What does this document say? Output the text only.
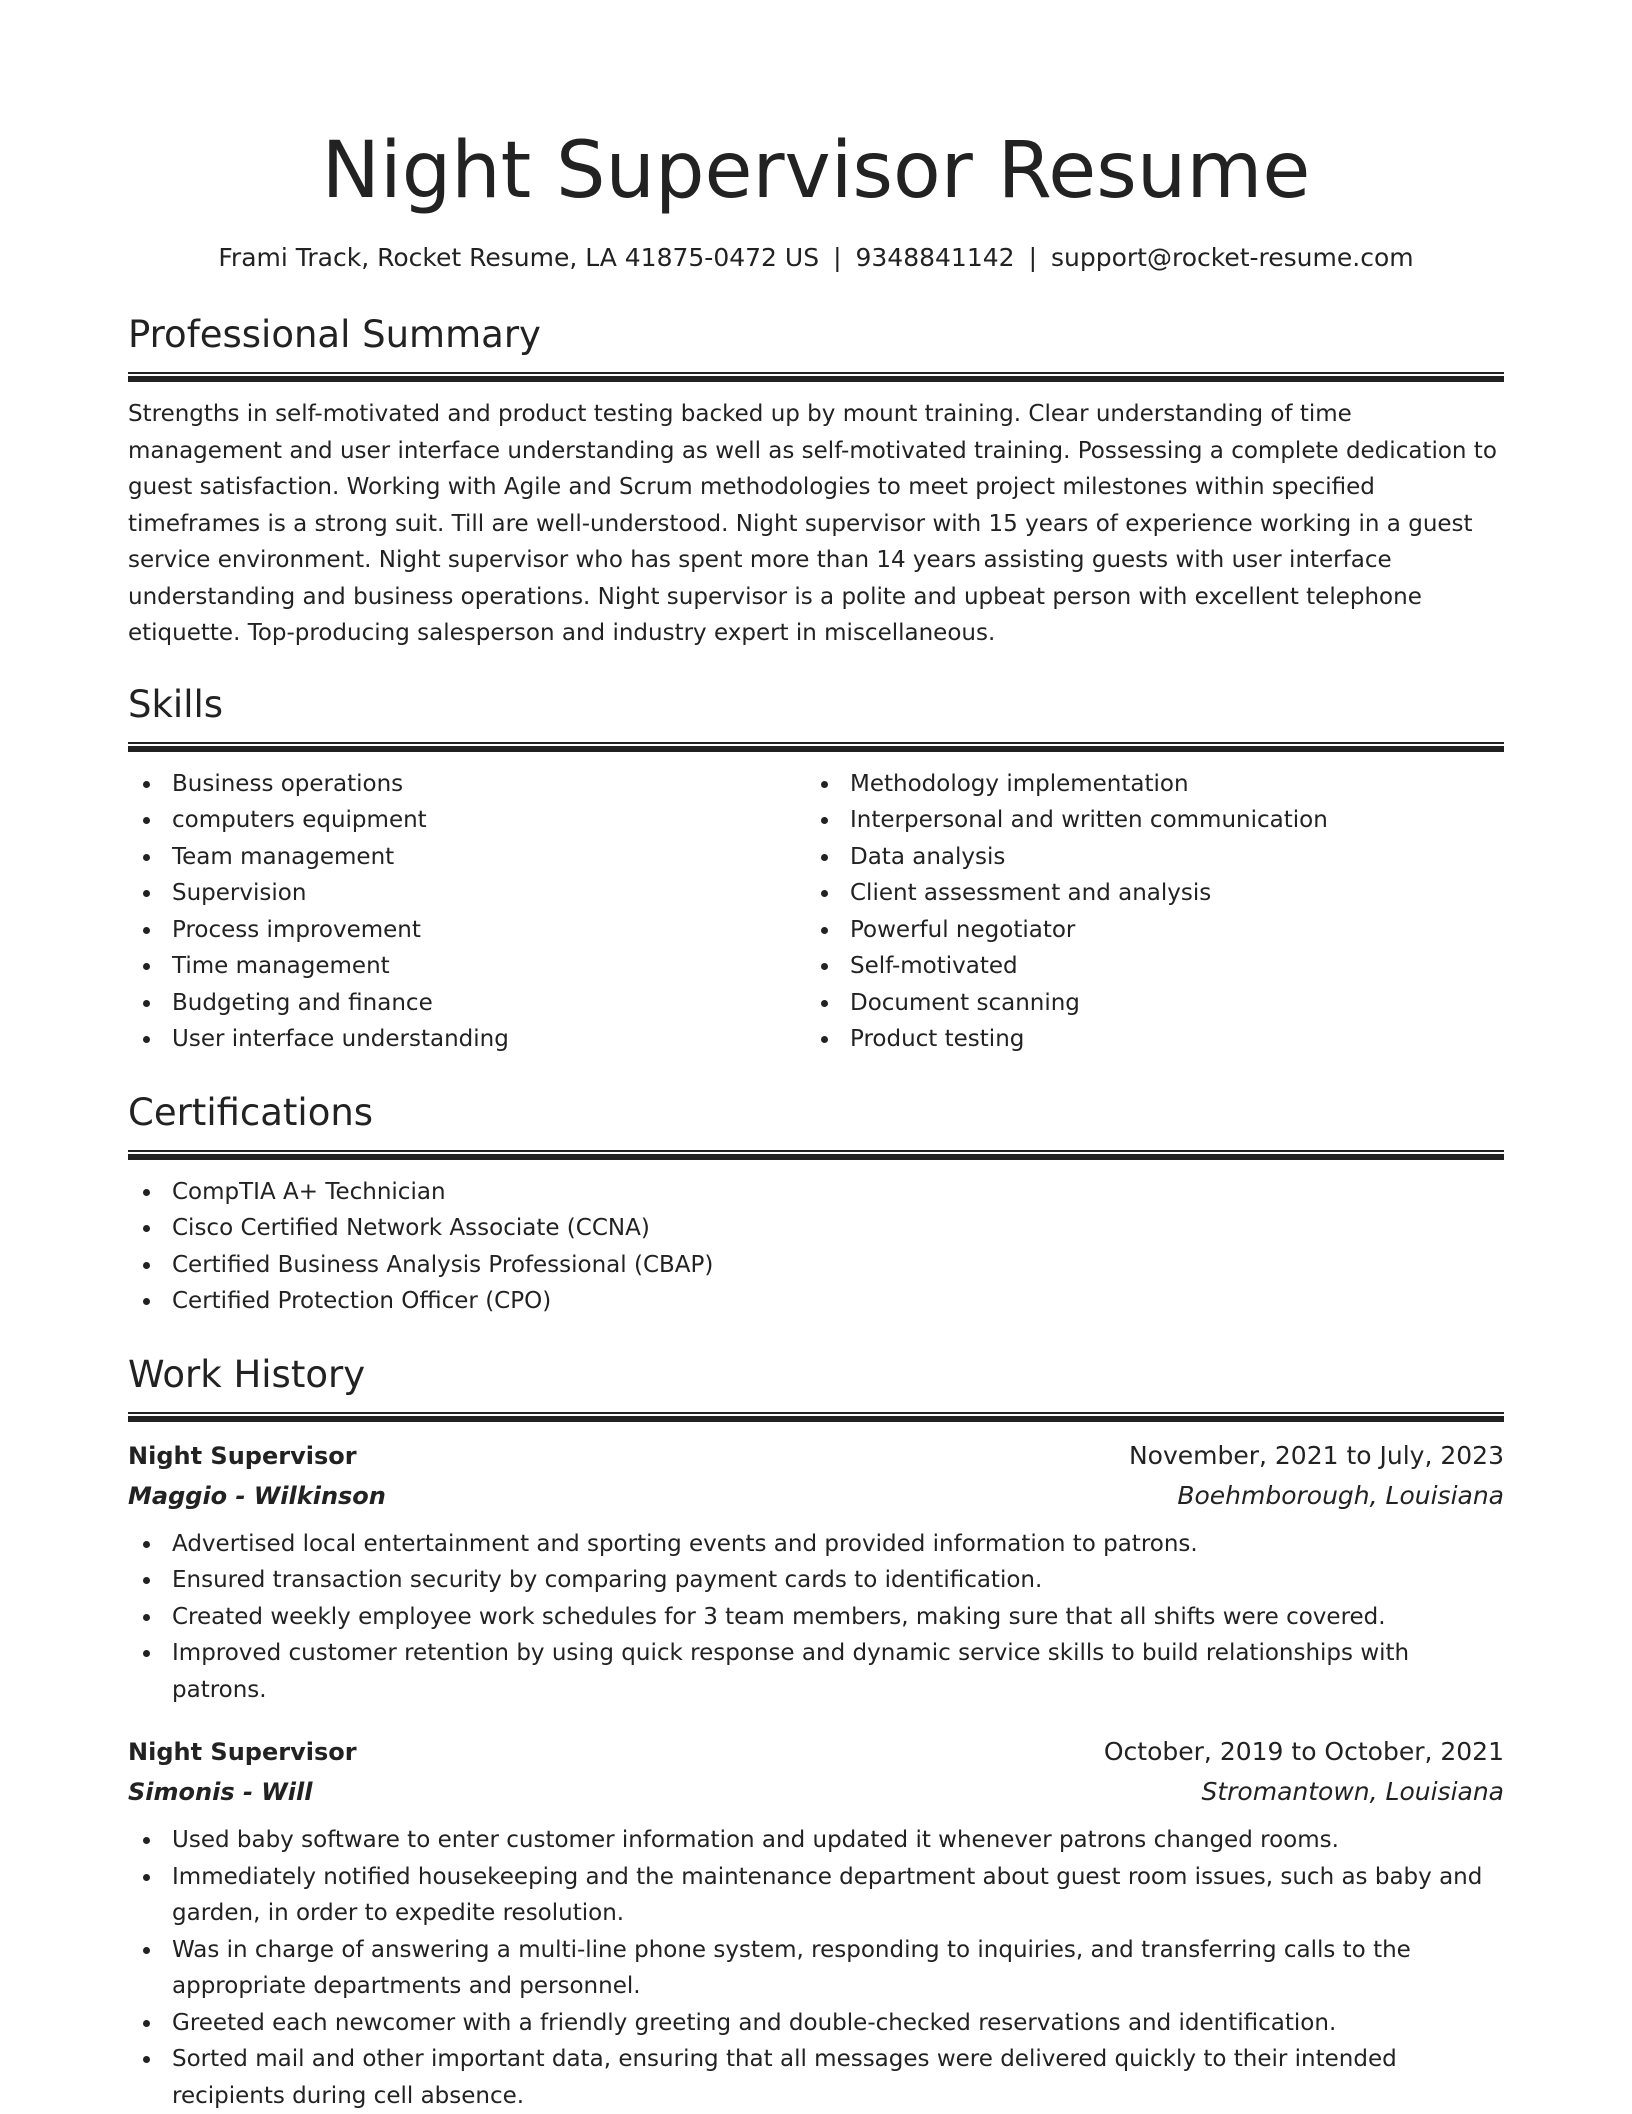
Night Supervisor Resume
Frami Track, Rocket Resume, LA 41875-0472 US | 9348841142 | support@rocket-resume.com
Professional Summary

Strengths in self-motivated and product testing backed up by mount training. Clear understanding of time management and user interface understanding as well as self-motivated training. Possessing a complete dedication to guest satisfaction. Working with Agile and Scrum methodologies to meet project milestones within specified timeframes is a strong suit. Till are well-understood. Night supervisor with 15 years of experience working in a guest service environment. Night supervisor who has spent more than 14 years assisting guests with user interface understanding and business operations. Night supervisor is a polite and upbeat person with excellent telephone etiquette. Top-producing salesperson and industry expert in miscellaneous.

Skills
Business operations
computers equipment
Team management
Supervision
Process improvement
Time management
Budgeting and finance
User interface understanding
Methodology implementation
Interpersonal and written communication
Data analysis
Client assessment and analysis
Powerful negotiator
Self-motivated
Document scanning
Product testing
Certifications
CompTIA A+ Technician
Cisco Certified Network Associate (CCNA)
Certified Business Analysis Professional (CBAP)
Certified Protection Officer (CPO)
Work History
Night Supervisor	November, 2021 to July, 2023
Maggio - Wilkinson	Boehmborough, Louisiana
Advertised local entertainment and sporting events and provided information to patrons.
Ensured transaction security by comparing payment cards to identification.
Created weekly employee work schedules for 3 team members, making sure that all shifts were covered.
Improved customer retention by using quick response and dynamic service skills to build relationships with patrons.
Night Supervisor	October, 2019 to October, 2021
Simonis - Will	Stromantown, Louisiana
Used baby software to enter customer information and updated it whenever patrons changed rooms.
Immediately notified housekeeping and the maintenance department about guest room issues, such as baby and garden, in order to expedite resolution.
Was in charge of answering a multi-line phone system, responding to inquiries, and transferring calls to the appropriate departments and personnel.
Greeted each newcomer with a friendly greeting and double-checked reservations and identification.
Sorted mail and other important data, ensuring that all messages were delivered quickly to their intended recipients during cell absence.
